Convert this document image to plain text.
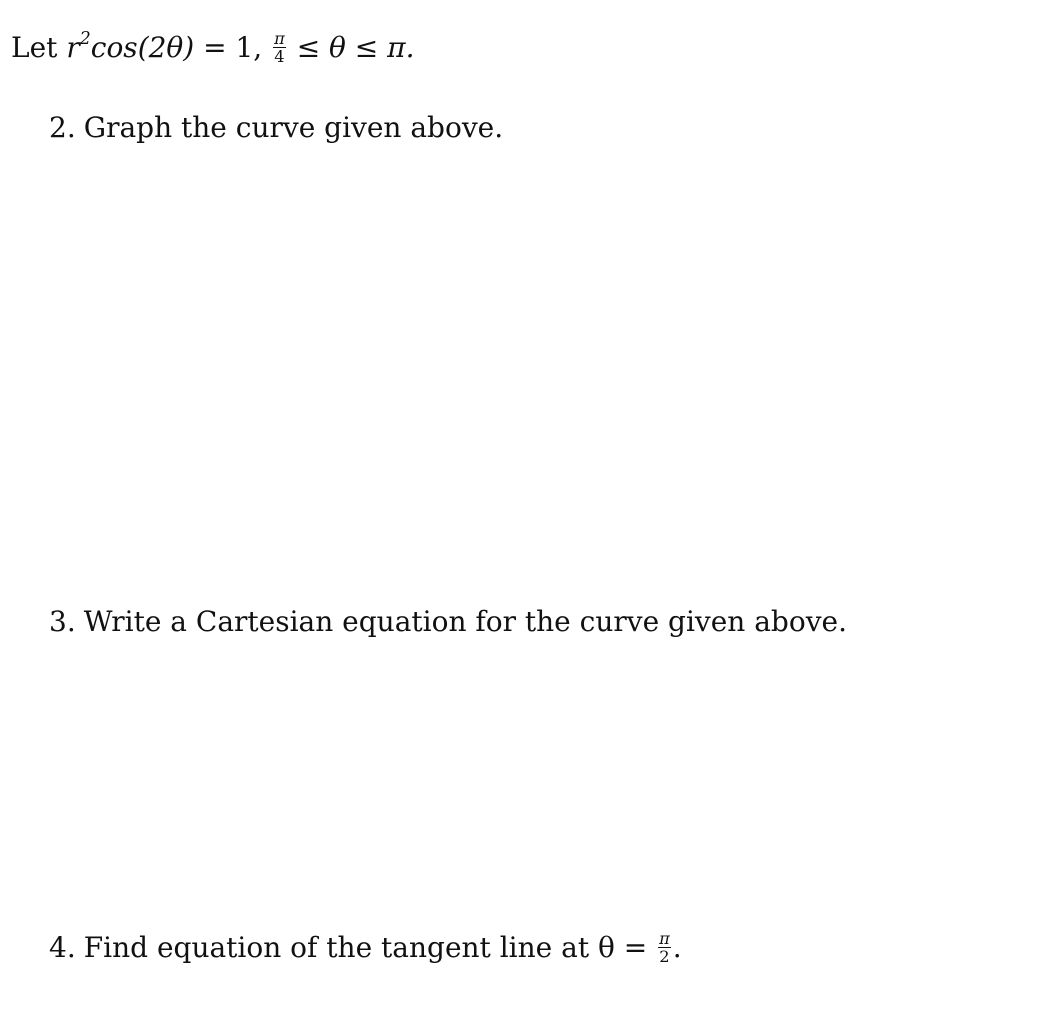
Let $r^2\cos(2\theta) = 1$, $\frac{\pi}{4} \le \theta \le \pi$.
2. Graph the curve given above.
3. Write a Cartesian equation for the curve given above.
4. Find equation of the tangent line at $\theta = \frac{\pi}{2}$ .
